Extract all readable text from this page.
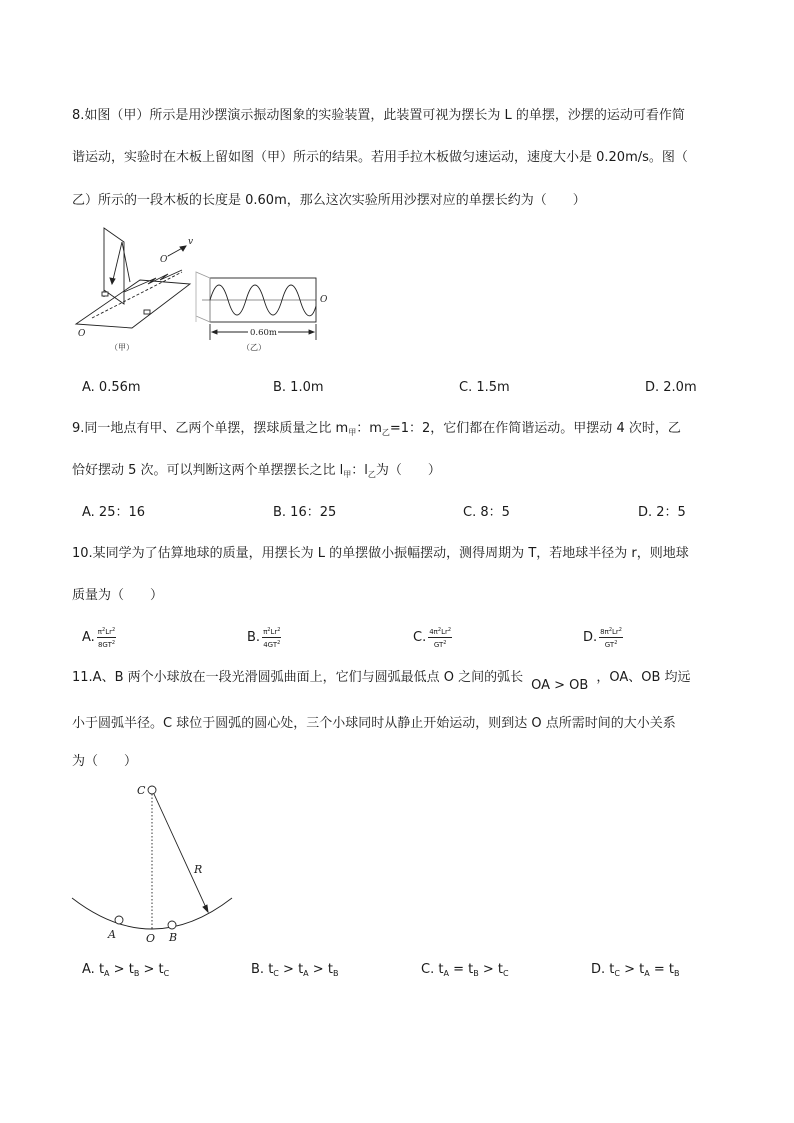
8.如图（甲）所示是用沙摆演示振动图象的实验装置，此装置可视为摆长为 L 的单摆，沙摆的运动可看作简
谐运动，实验时在木板上留如图（甲）所示的结果。若用手拉木板做匀速运动，速度大小是 0.20m/s。图（
乙）所示的一段木板的长度是 0.60m，那么这次实验所用沙摆对应的单摆长约为（　　）
O′
v
O
（甲）
0.60m
O
（乙）
A. 0.56m	B. 1.0m	C. 1.5m	D. 2.0m
9.同一地点有甲、乙两个单摆，摆球质量之比 $m_甲$：$m_乙=1$：2，它们都在作简谐运动。甲摆动 4 次时，乙
恰好摆动 5 次。可以判断这两个单摆摆长之比 $l_甲$：$l_乙$为（　　）
A. 25：16	B. 16：25	C. 8：5	D. 2：5
10.某同学为了估算地球的质量，用摆长为 L 的单摆做小振幅摆动，测得周期为 T，若地球半径为 r，则地球
质量为（　　）
A. $\frac{\pi^2Lr^2}{8GT^2}$	B. $\frac{\pi^2Lr^2}{4GT^2}$	C. $\frac{4\pi^2Lr^2}{GT^2}$	D. $\frac{8\pi^2Lr^2}{GT^2}$
11.A、B 两个小球放在一段光滑圆弧曲面上，它们与圆弧最低点 O 之间的弧长OA > OB，OA、OB 均远
小于圆弧半径。C 球位于圆弧的圆心处，三个小球同时从静止开始运动，则到达 O 点所需时间的大小关系
为（　　）
C
R
A	O B
A. $t_A > t_B > t_C$	B. $t_C > t_A > t_B$	C. $t_A = t_B > t_C$	D. $t_C > t_A = t_B$
